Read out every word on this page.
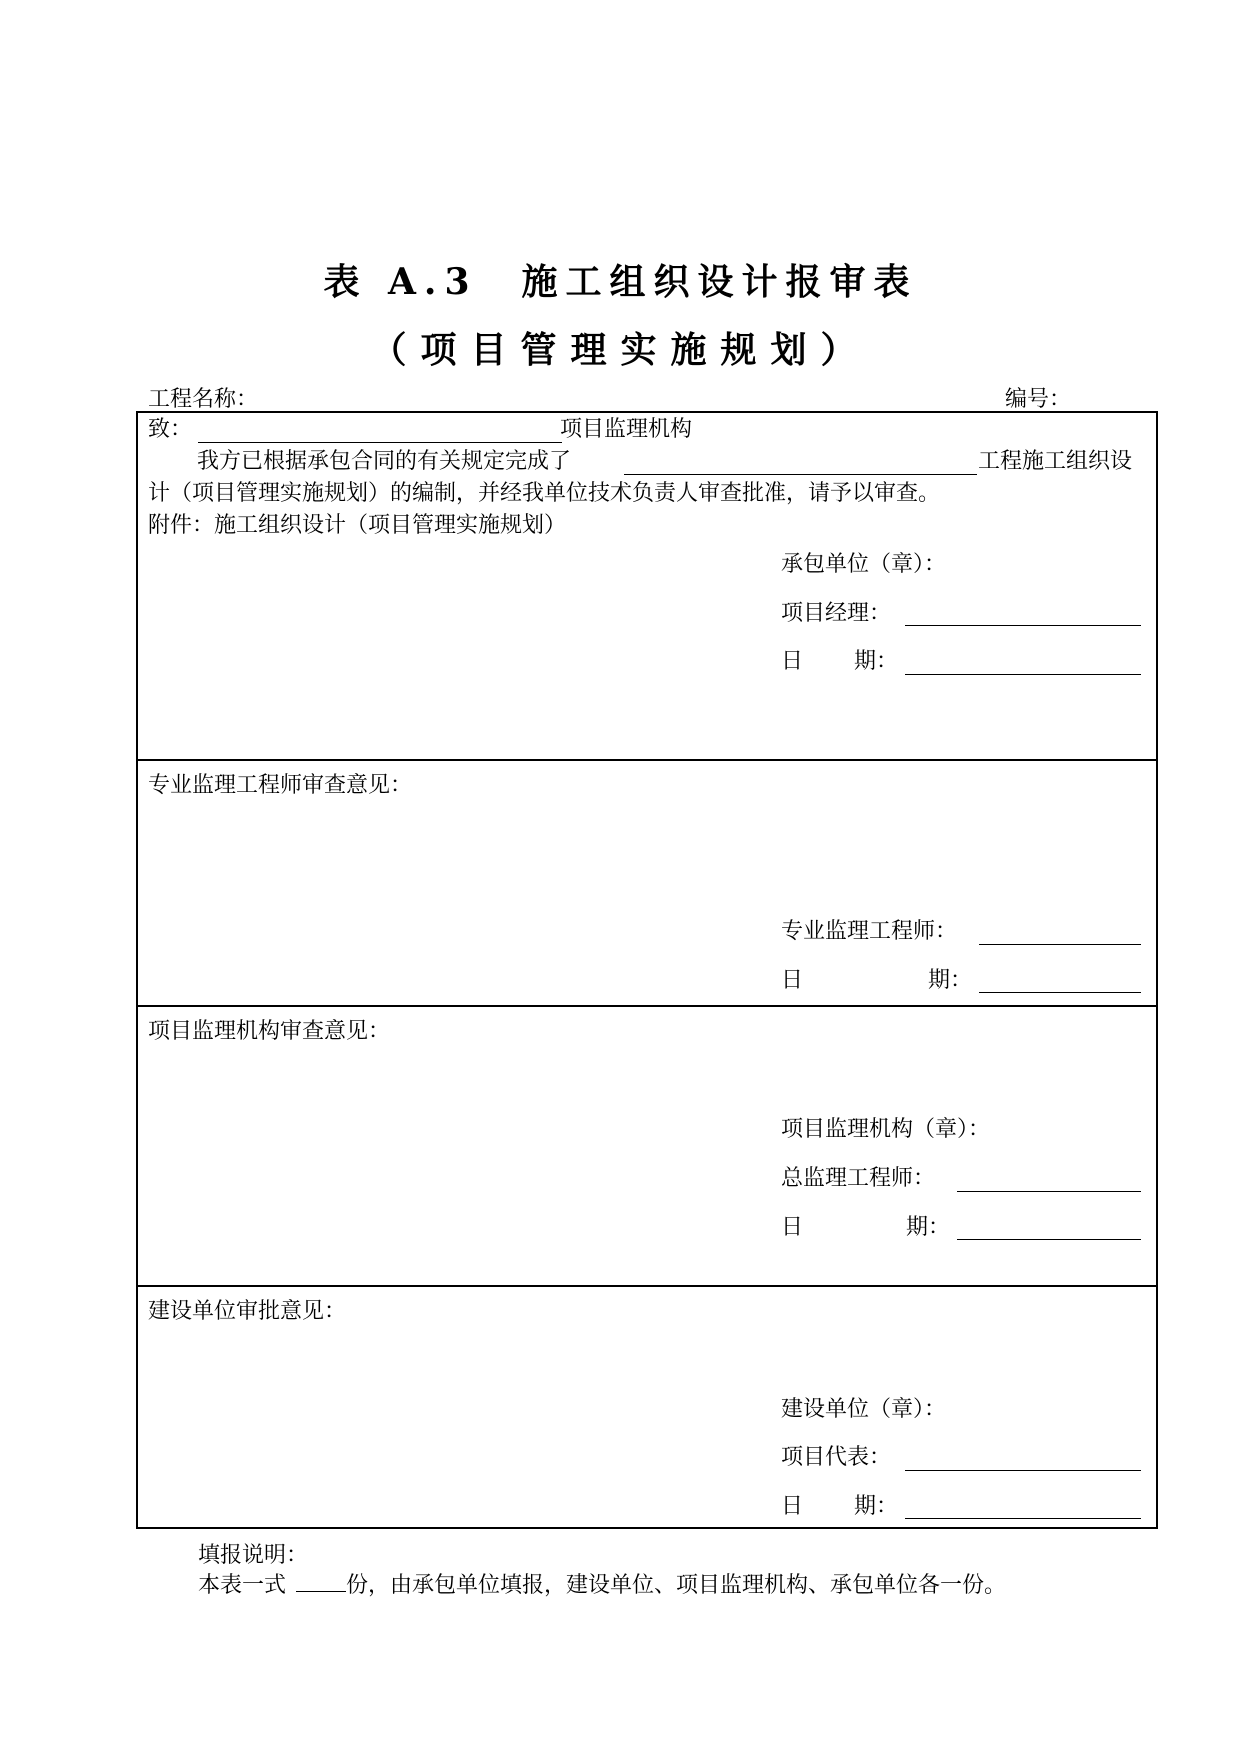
表 A.3　施工组织设计报审表
（项目管理实施规划）
工程名称：	编号：
致：	项目监理机构
我方已根据承包合同的有关规定完成了	工程施工组织设
计（项目管理实施规划）的编制，并经我单位技术负责人审查批准，请予以审查。
附件：施工组织设计（项目管理实施规划）
承包单位（章）：
项目经理：
日 期：
专业监理工程师审查意见：
专业监理工程师：
日	期：
项目监理机构审查意见：
项目监理机构（章）：
总监理工程师：
日	期：
建设单位审批意见：
建设单位（章）：
项目代表：
日 期：
填报说明：
本表一式	份，由承包单位填报，建设单位、项目监理机构、承包单位各一份。
